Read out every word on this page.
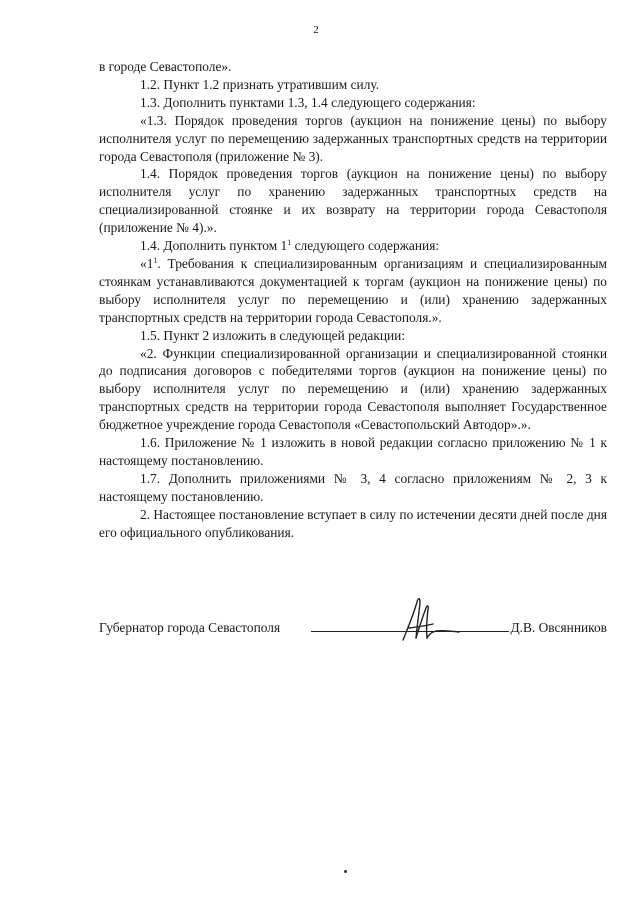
2

в городе Севастополе».

1.2. Пункт 1.2 признать утратившим силу.

1.3. Дополнить пунктами 1.3, 1.4 следующего содержания:

«1.3. Порядок проведения торгов (аукцион на понижение цены) по выбору исполнителя услуг по перемещению задержанных транспортных средств на территории города Севастополя (приложение № 3).

1.4. Порядок проведения торгов (аукцион на понижение цены) по выбору исполнителя услуг по хранению задержанных транспортных средств на специализированной стоянке и их возврату на территории города Севастополя (приложение № 4).».

1.4. Дополнить пунктом $1^1$ следующего содержания:

«$1^1$. Требования к специализированным организациям и специализированным стоянкам устанавливаются документацией к торгам (аукцион на понижение цены) по выбору исполнителя услуг по перемещению и (или) хранению задержанных транспортных средств на территории города Севастополя.».

1.5. Пункт 2 изложить в следующей редакции:

«2. Функции специализированной организации и специализированной стоянки до подписания договоров с победителями торгов (аукцион на понижение цены) по выбору исполнителя услуг по перемещению и (или) хранению задержанных транспортных средств на территории города Севастополя выполняет Государственное бюджетное учреждение города Севастополя «Севастопольский Автодор».».

1.6. Приложение № 1 изложить в новой редакции согласно приложению № 1 к настоящему постановлению.

1.7. Дополнить приложениями № 3, 4 согласно приложениям № 2, 3 к настоящему постановлению.

2. Настоящее постановление вступает в силу по истечении десяти дней после дня его официального опубликования.

Губернатор города Севастополя	Д.В. Овсянников
